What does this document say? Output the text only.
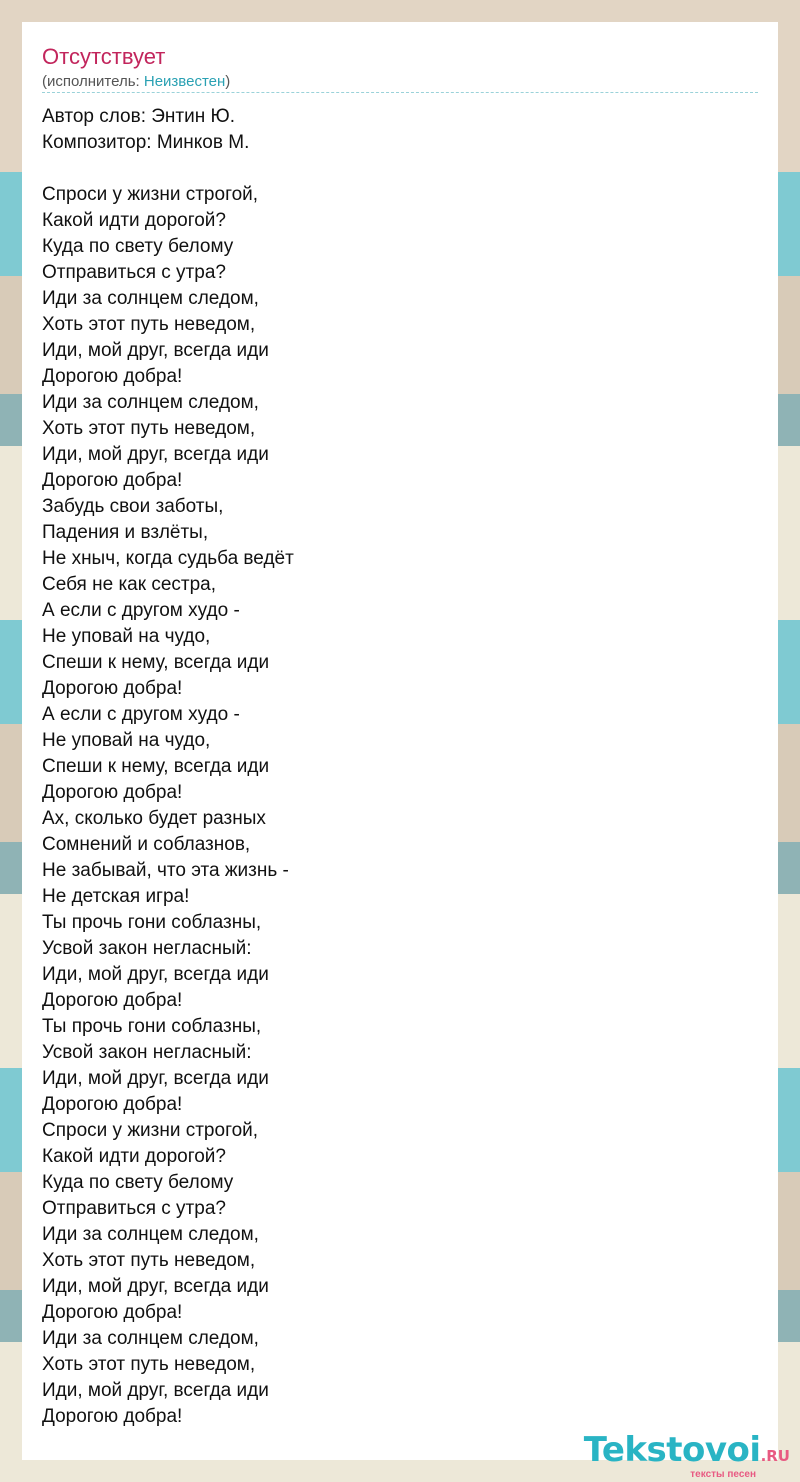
Отсутствует
(исполнитель: Неизвестен)
Автор слов: Энтин Ю.
Композитор: Минков М.
Спроси у жизни строгой,
Какой идти дорогой?
Куда по свету белому
Отправиться с утра?
Иди за солнцем следом,
Хоть этот путь неведом,
Иди, мой друг, всегда иди
Дорогою добра!
Иди за солнцем следом,
Хоть этот путь неведом,
Иди, мой друг, всегда иди
Дорогою добра!
Забудь свои заботы,
Падения и взлёты,
Не хныч, когда судьба ведёт
Себя не как сестра,
А если с другом худо -
Не уповай на чудо,
Спеши к нему, всегда иди
Дорогою добра!
А если с другом худо -
Не уповай на чудо,
Спеши к нему, всегда иди
Дорогою добра!
Ах, сколько будет разных
Сомнений и соблазнов,
Не забывай, что эта жизнь -
Не детская игра!
Ты прочь гони соблазны,
Усвой закон негласный:
Иди, мой друг, всегда иди
Дорогою добра!
Ты прочь гони соблазны,
Усвой закон негласный:
Иди, мой друг, всегда иди
Дорогою добра!
Спроси у жизни строгой,
Какой идти дорогой?
Куда по свету белому
Отправиться с утра?
Иди за солнцем следом,
Хоть этот путь неведом,
Иди, мой друг, всегда иди
Дорогою добра!
Иди за солнцем следом,
Хоть этот путь неведом,
Иди, мой друг, всегда иди
Дорогою добра!
Tekstovoi.RU
тексты песен
